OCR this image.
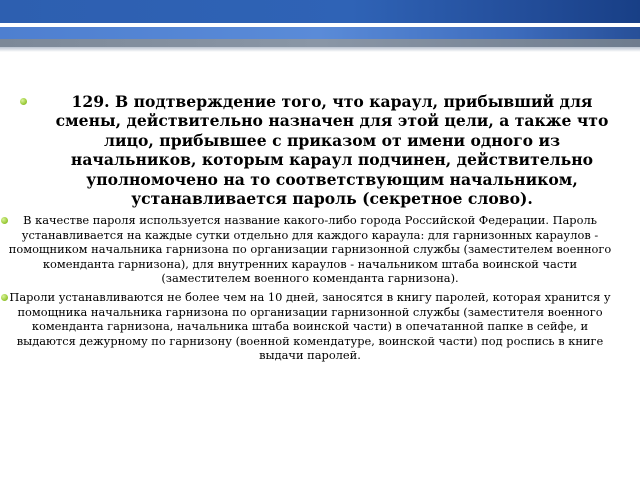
129. В подтверждение того, что караул, прибывший для смены, действительно назначен для этой цели, а также что лицо, прибывшее с приказом от имени одного из начальников, которым караул подчинен, действительно уполномочено на то соответствующим начальником, устанавливается пароль (секретное слово).
В качестве пароля используется название какого-либо города Российской Федерации. Пароль устанавливается на каждые сутки отдельно для каждого караула: для гарнизонных караулов - помощником начальника гарнизона по организации гарнизонной службы (заместителем военного коменданта гарнизона), для внутренних караулов - начальником штаба воинской части (заместителем военного коменданта гарнизона).
Пароли устанавливаются не более чем на 10 дней, заносятся в книгу паролей, которая хранится у помощника начальника гарнизона по организации гарнизонной службы (заместителя военного коменданта гарнизона, начальника штаба воинской части) в опечатанной папке в сейфе, и выдаются дежурному по гарнизону (военной комендатуре, воинской части) под роспись в книге выдачи паролей.
